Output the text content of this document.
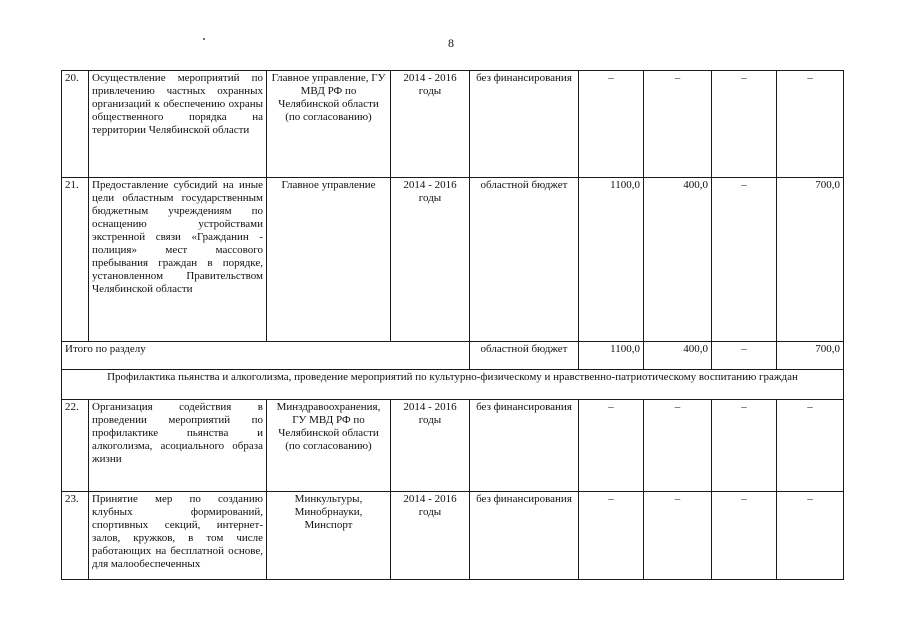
8
20.	Осуществление мероприятий по привлечению частных охранных организаций к обеспечению охраны общественного порядка на территории Челябинской области	Главное управление, ГУ МВД РФ по Челябинской области (по согласованию)	2014 - 2016 годы	без финансирования	–	–	–	–
21.	Предоставление субсидий на иные цели областным государственным бюджетным учреждениям по оснащению устройствами экстренной связи «Гражданин - полиция» мест массового пребывания граждан в порядке, установленном Правительством Челябинской области	Главное управление	2014 - 2016 годы	областной бюджет	1100,0	400,0	–	700,0
Итого по разделу				областной бюджет	1100,0	400,0	–	700,0
Профилактика пьянства и алкоголизма, проведение мероприятий по культурно-физическому и нравственно-патриотическому воспитанию граждан								
22.	Организация содействия в проведении мероприятий по профилактике пьянства и алкоголизма, асоциального образа жизни	Минздравоохранения, ГУ МВД РФ по Челябинской области (по согласованию)	2014 - 2016 годы	без финансирования	–	–	–	–
23.	Принятие мер по созданию клубных формирований, спортивных секций, интернет-залов, кружков, в том числе работающих на бесплатной основе, для малообеспеченных	Минкультуры, Минобрнауки, Минспорт	2014 - 2016 годы	без финансирования	–	–	–	–
